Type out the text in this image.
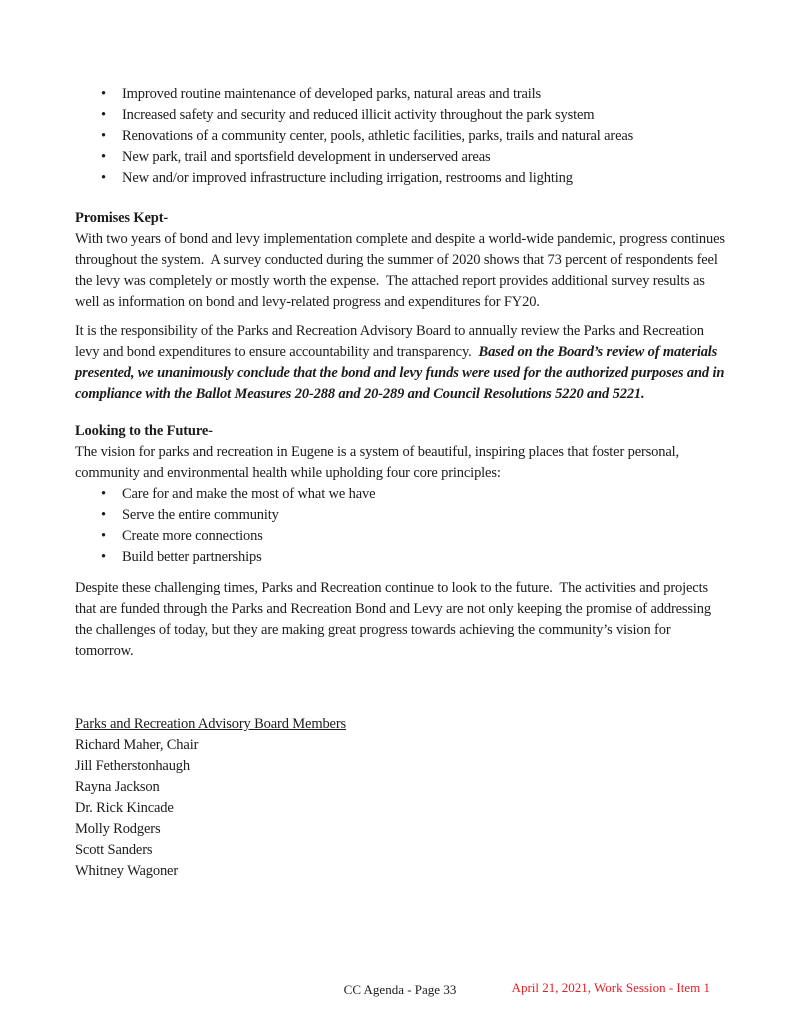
• Improved routine maintenance of developed parks, natural areas and trails
• Increased safety and security and reduced illicit activity throughout the park system
• Renovations of a community center, pools, athletic facilities, parks, trails and natural areas
• New park, trail and sportsfield development in underserved areas
• New and/or improved infrastructure including irrigation, restrooms and lighting

Promises Kept-

With two years of bond and levy implementation complete and despite a world-wide pandemic, progress continues throughout the system.  A survey conducted during the summer of 2020 shows that 73 percent of respondents feel the levy was completely or mostly worth the expense.  The attached report provides additional survey results as well as information on bond and levy-related progress and expenditures for FY20.

It is the responsibility of the Parks and Recreation Advisory Board to annually review the Parks and Recreation levy and bond expenditures to ensure accountability and transparency.  Based on the Board’s review of materials presented, we unanimously conclude that the bond and levy funds were used for the authorized purposes and in compliance with the Ballot Measures 20-288 and 20-289 and Council Resolutions 5220 and 5221.

Looking to the Future-

The vision for parks and recreation in Eugene is a system of beautiful, inspiring places that foster personal, community and environmental health while upholding four core principles:

• Care for and make the most of what we have
• Serve the entire community
• Create more connections
• Build better partnerships

Despite these challenging times, Parks and Recreation continue to look to the future.  The activities and projects that are funded through the Parks and Recreation Bond and Levy are not only keeping the promise of addressing the challenges of today, but they are making great progress towards achieving the community’s vision for tomorrow.

Parks and Recreation Advisory Board Members

Richard Maher, Chair

Jill Fetherstonhaugh

Rayna Jackson

Dr. Rick Kincade

Molly Rodgers

Scott Sanders

Whitney Wagoner

CC Agenda - Page 33	April 21, 2021, Work Session - Item 1
